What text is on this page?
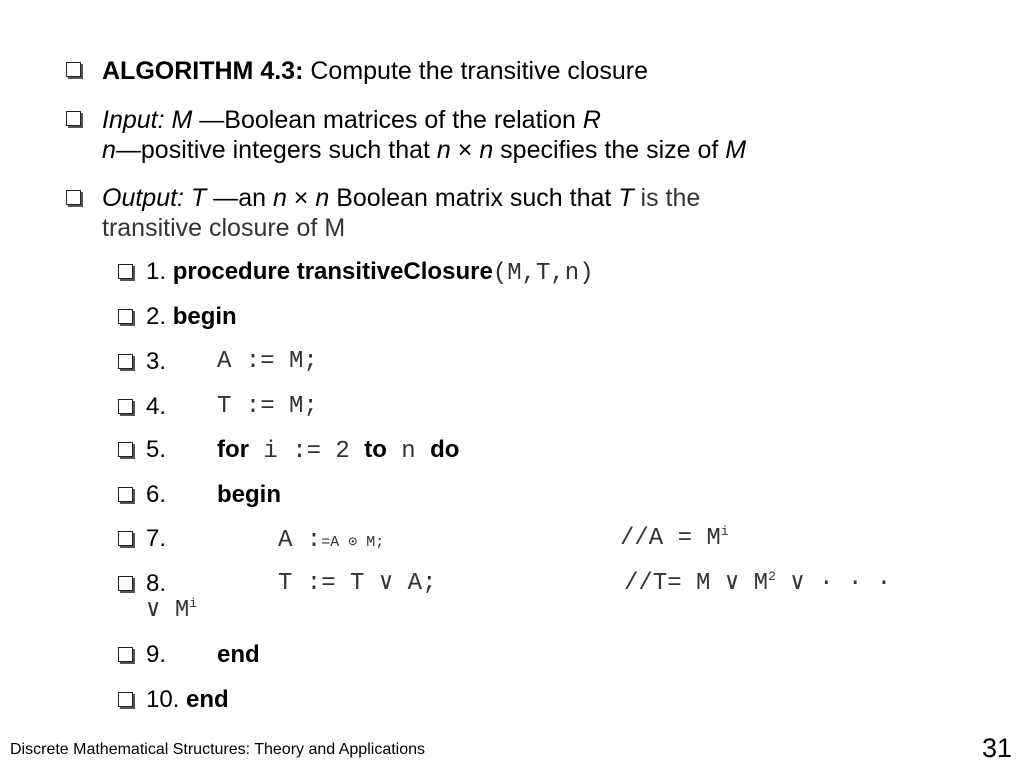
ALGORITHM 4.3: Compute the transitive closure
Input: M —Boolean matrices of the relation R
n—positive integers such that n × n specifies the size of M
Output: T —an n × n Boolean matrix such that T is the
transitive closure of M
1. procedure transitiveClosure(M,T,n)
2. begin
3. A := M;
4. T := M;
5. for i := 2 to n do
6. begin
7.	A :=A ⊙ M;	$//A = M^i$
8.	T := T ∨ A;	//T= M ∨ $M^2$ ∨ · · ·
∨ $M^i$
9. end
10. end
Discrete Mathematical Structures: Theory and Applications	31
